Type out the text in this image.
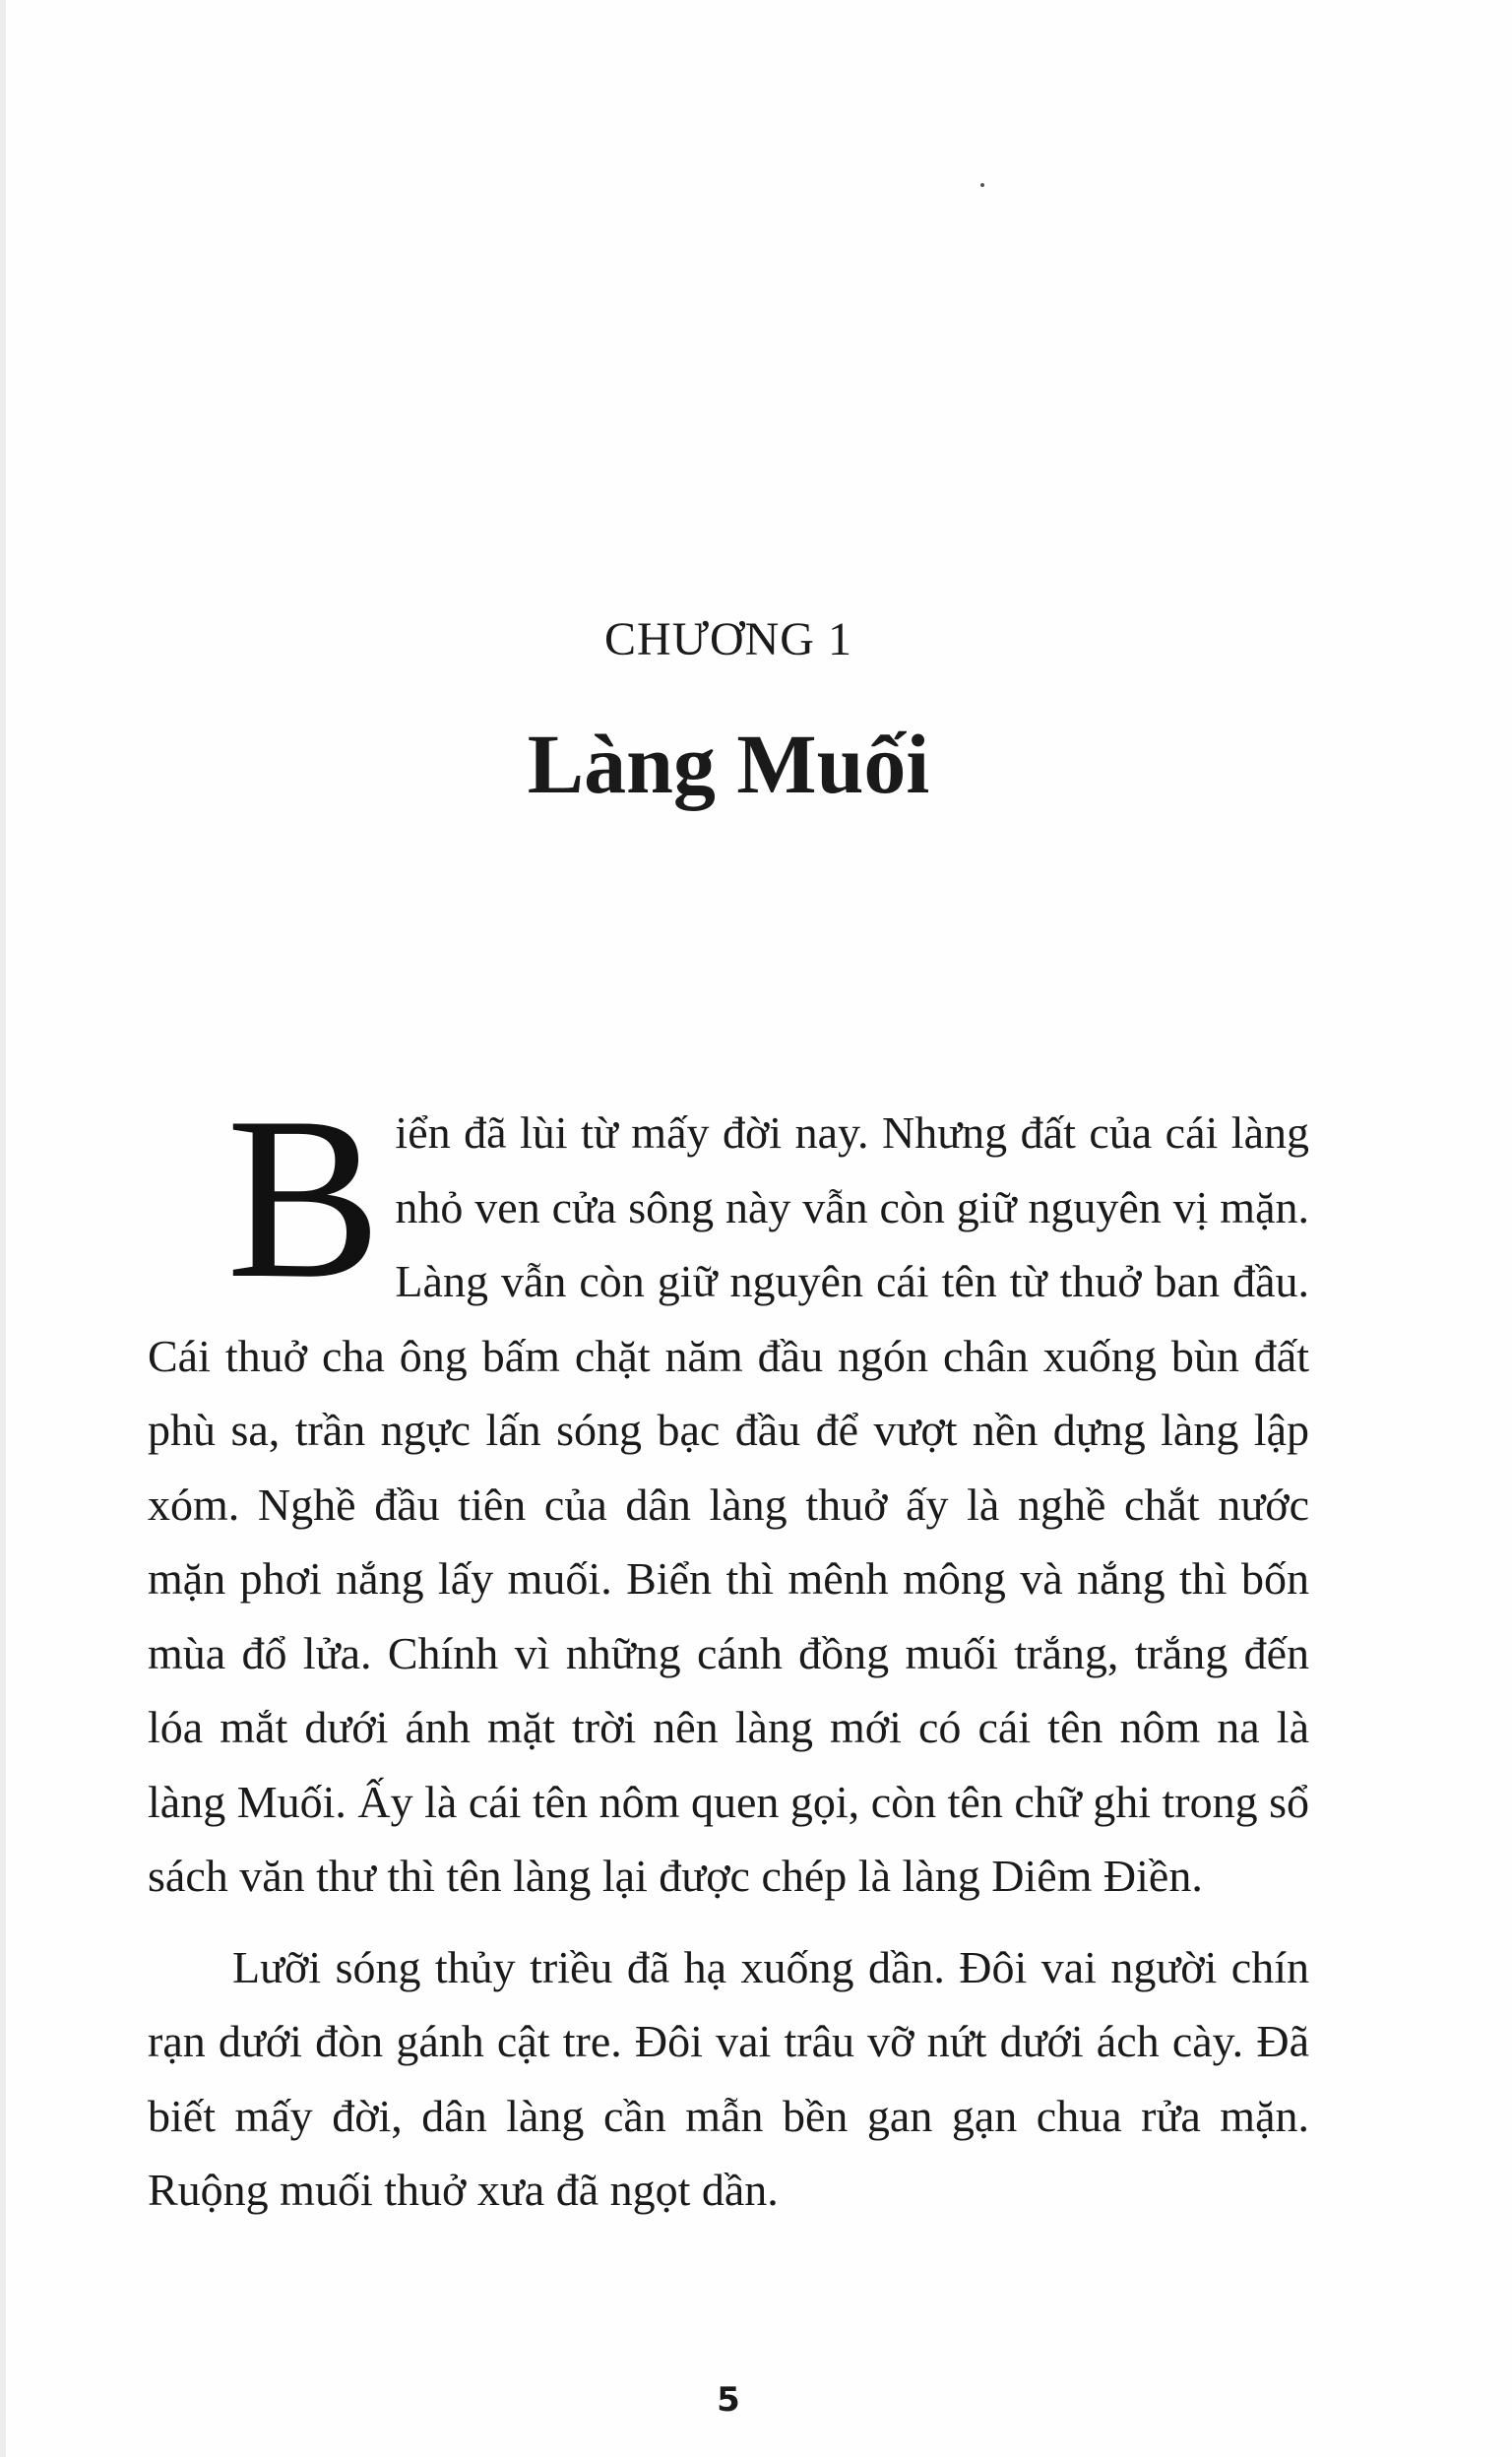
CHƯƠNG 1
Làng Muối

Biển đã lùi từ mấy đời nay. Nhưng đất của cái làng nhỏ ven cửa sông này vẫn còn giữ nguyên vị mặn. Làng vẫn còn giữ nguyên cái tên từ thuở ban đầu. Cái thuở cha ông bấm chặt năm đầu ngón chân xuống bùn đất phù sa, trần ngực lấn sóng bạc đầu để vượt nền dựng làng lập xóm. Nghề đầu tiên của dân làng thuở ấy là nghề chắt nước mặn phơi nắng lấy muối. Biển thì mênh mông và nắng thì bốn mùa đổ lửa. Chính vì những cánh đồng muối trắng, trắng đến lóa mắt dưới ánh mặt trời nên làng mới có cái tên nôm na là làng Muối. Ấy là cái tên nôm quen gọi, còn tên chữ ghi trong sổ sách văn thư thì tên làng lại được chép là làng Diêm Điền.

Lưỡi sóng thủy triều đã hạ xuống dần. Đôi vai người chín rạn dưới đòn gánh cật tre. Đôi vai trâu vỡ nứt dưới ách cày. Đã biết mấy đời, dân làng cần mẫn bền gan gạn chua rửa mặn. Ruộng muối thuở xưa đã ngọt dần.

5
